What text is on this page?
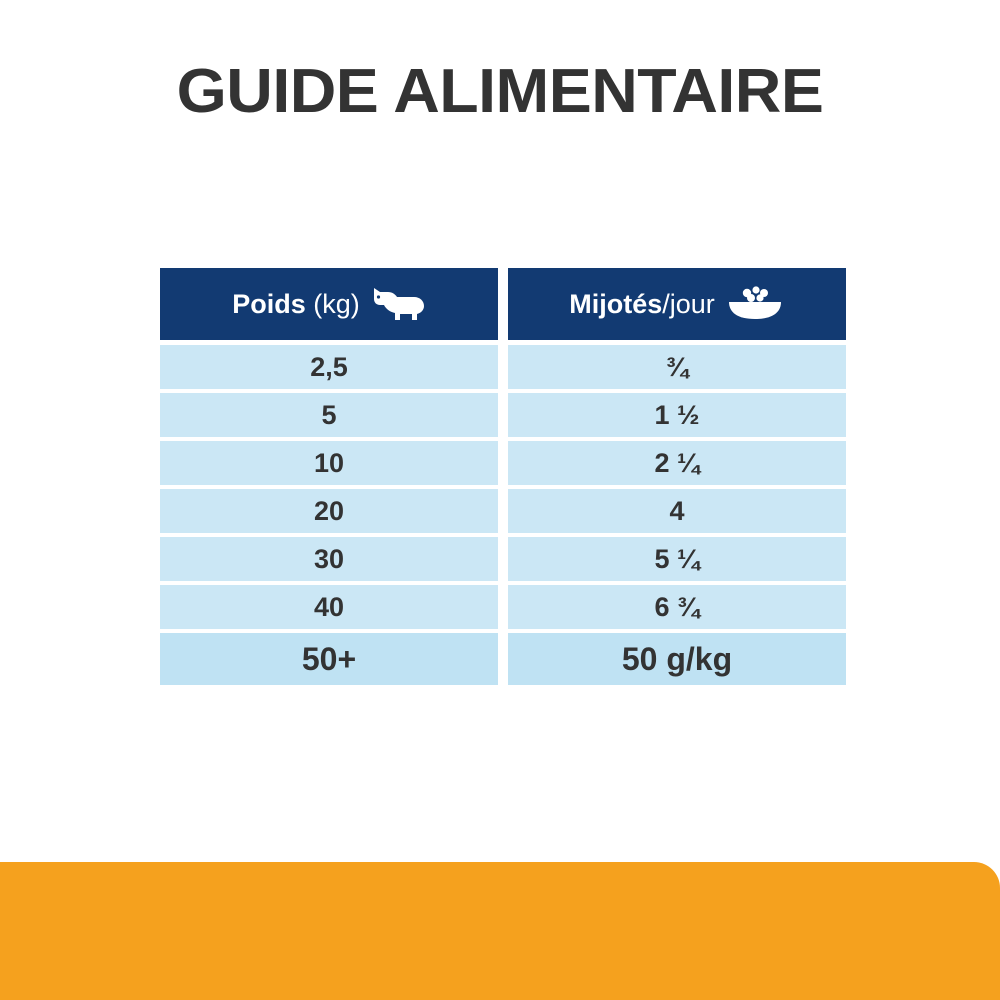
GUIDE ALIMENTAIRE
Poids (kg)	Mijotés/jour
2,5	¾
5	1 ½
10	2 ¼
20	4
30	5 ¼
40	6 ¾
50+	50 g/kg
